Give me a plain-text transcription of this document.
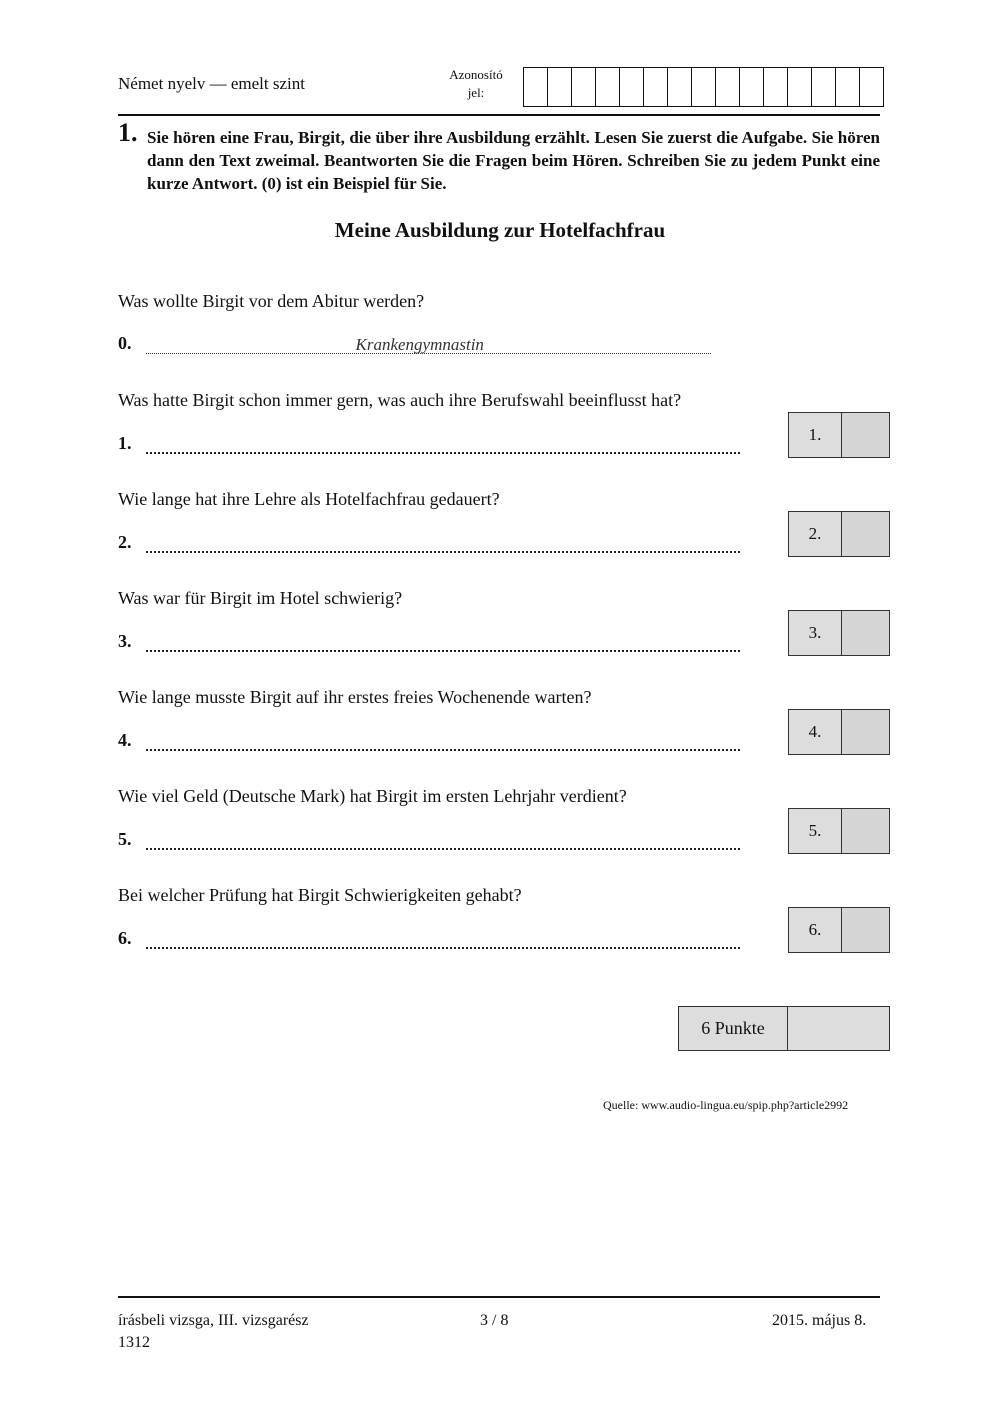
Német nyelv — emelt szint	Azonosító
jel:
1. Sie hören eine Frau, Birgit, die über ihre Ausbildung erzählt. Lesen Sie zuerst die Aufgabe. Sie hören dann den Text zweimal. Beantworten Sie die Fragen beim Hören. Schreiben Sie zu jedem Punkt eine kurze Antwort. (0) ist ein Beispiel für Sie.
Meine Ausbildung zur Hotelfachfrau
Was wollte Birgit vor dem Abitur werden?
0.	Krankengymnastin
Was hatte Birgit schon immer gern, was auch ihre Berufswahl beeinflusst hat?
1.	1.
Wie lange hat ihre Lehre als Hotelfachfrau gedauert?
2.	2.
Was war für Birgit im Hotel schwierig?
3.	3.
Wie lange musste Birgit auf ihr erstes freies Wochenende warten?
4.	4.
Wie viel Geld (Deutsche Mark) hat Birgit im ersten Lehrjahr verdient?
5.	5.
Bei welcher Prüfung hat Birgit Schwierigkeiten gehabt?
6.	6.
6 Punkte
Quelle: www.audio-lingua.eu/spip.php?article2992
írásbeli vizsga, III. vizsgarész
1312
3 / 8	2015. május 8.
